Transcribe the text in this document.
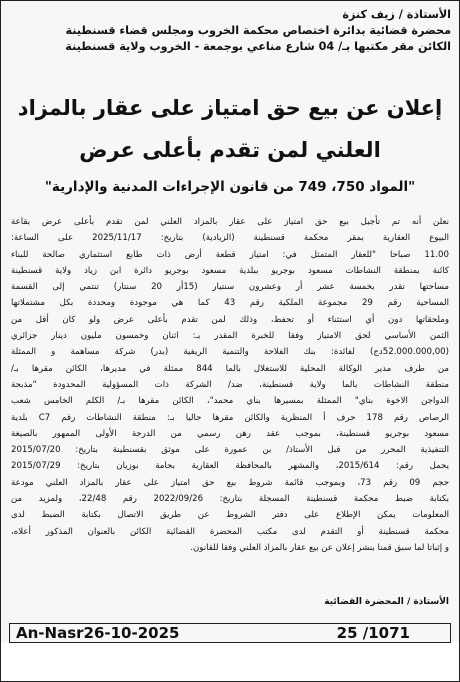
الأستاذة / زيف كنزة
محضرة قضائية بدائرة اختصاص محكمة الخروب ومجلس قضاء قسنطينة
الكائن مقر مكتبها بـ/ 04 شارع مناعي بوجمعة - الخروب ولاية قسنطينة
إعلان عن بيع حق امتياز على عقار بالمزاد
العلني لمن تقدم بأعلى عرض
"المواد 750، 749 من قانون الإجراءات المدنية والإدارية"
نعلن أنه تم تأجيل بيع حق امتياز على عقار بالمزاد العلني لمن تقدم بأعلى عرض بقاعة
البيوع العقارية بمقر محكمة قسنطينة (الزيادية) بتاريخ: 2025/11/17 على الساعة:
11.00 صباحا "للعقار المتمثل في: امتياز قطعة أرض ذات طابع استثماري صالحة للبناء
كائنة بمنطقة النشاطات مسعود بوجريو ببلدية مسعود بوجريو دائرة ابن زياد ولاية قسنطينة
مساحتها تقدر بخمسة عشر أر وعشرون سنتيار (15أر 20 سنتار) تنتمي إلى القسمة
المساحية رقم 29 مجموعة الملكية رقم 43 كما هي موجودة ومحددة بكل مشتملاتها
وملحقاتها دون أي استثناء أو تحفظ، وذلك لمن تقدم بأعلى عرض ولو كان أقل من
الثمن الأساسي لحق الامتياز وفقا للخبرة المقدر بـ: اثنان وخمسون مليون دينار جزائري
(52.000.000,00دج) لفائدة: بنك الفلاحة والتنمية الريفية (بدر) شركة مساهمة و الممثلة
من طرف مدير الوكالة المحلية للاستغلال بالما 844 ممثلة في مديرها، الكائن مقرها بـ/
منطقة النشاطات بالما ولاية قسنطينة، ضد/ الشركة ذات المسؤولية المحدودة "مذبحة
الدواجن الاخوة بناي" الممثلة بمسيرها بناي محمد"، الكائن مقرها بـ/ الكلم الخامس شعب
الرصاص رقم 178 حرف أ المنظرية والكائن مقرها حاليا بـ: منطقة النشاطات رقم C7 بلدية
مسعود بوجريو قسنطينة، بموجب عقد رهن رسمي من الدرجة الأولى الممهور بالصيغة
التنفيذية المحرر من قبل الأستاذ/ بن عمورة على موثق بقسنطينة بتاريخ: 2015/07/20
يحمل رقم: 2015/614، والمشهر بالمحافظة العقارية بحامة بوزيان بتاريخ: 2015/07/29
حجم 09 رقم 73، وبموجب قائمة شروط بيع حق امتياز على عقار بالمزاد العلني مودعة
بكتابة ضبط محكمة قسنطينة المسجلة بتاريخ: 2022/09/26 رقم 22/48، ولمزيد من
المعلومات يمكن الإطلاع على دفتر الشروط عن طريق الاتصال بكتابة الضبط لدى
محكمة قسنطينة أو التقدم لدى مكتب المحضرة القضائية الكائن بالعنوان المذكور أعلاه،
و إثباتا لما سبق قمنا بنشر إعلان عن بيع عقار بالمزاد العلني وفقا للقانون.
الأستاذة / المحضرة القضائية
An-Nasr26-10-2025	25 /1071
